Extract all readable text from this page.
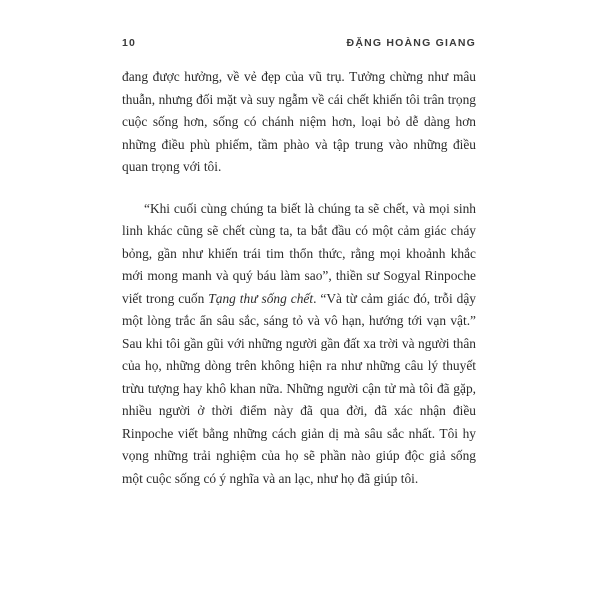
10	ĐẶNG HOÀNG GIANG

đang được hưởng, về vẻ đẹp của vũ trụ. Tưởng chừng như mâu thuẫn, nhưng đối mặt và suy ngẫm về cái chết khiến tôi trân trọng cuộc sống hơn, sống có chánh niệm hơn, loại bỏ dễ dàng hơn những điều phù phiếm, tầm phào và tập trung vào những điều quan trọng với tôi.

“Khi cuối cùng chúng ta biết là chúng ta sẽ chết, và mọi sinh linh khác cũng sẽ chết cùng ta, ta bắt đầu có một cảm giác cháy bỏng, gần như khiến trái tim thổn thức, rằng mọi khoảnh khắc mới mong manh và quý báu làm sao”, thiền sư Sogyal Rinpoche viết trong cuốn Tạng thư sống chết. “Và từ cảm giác đó, trỗi dậy một lòng trắc ẩn sâu sắc, sáng tỏ và vô hạn, hướng tới vạn vật.” Sau khi tôi gần gũi với những người gần đất xa trời và người thân của họ, những dòng trên không hiện ra như những câu lý thuyết trừu tượng hay khô khan nữa. Những người cận tử mà tôi đã gặp, nhiều người ở thời điểm này đã qua đời, đã xác nhận điều Rinpoche viết bằng những cách giản dị mà sâu sắc nhất. Tôi hy vọng những trải nghiệm của họ sẽ phần nào giúp độc giả sống một cuộc sống có ý nghĩa và an lạc, như họ đã giúp tôi.
